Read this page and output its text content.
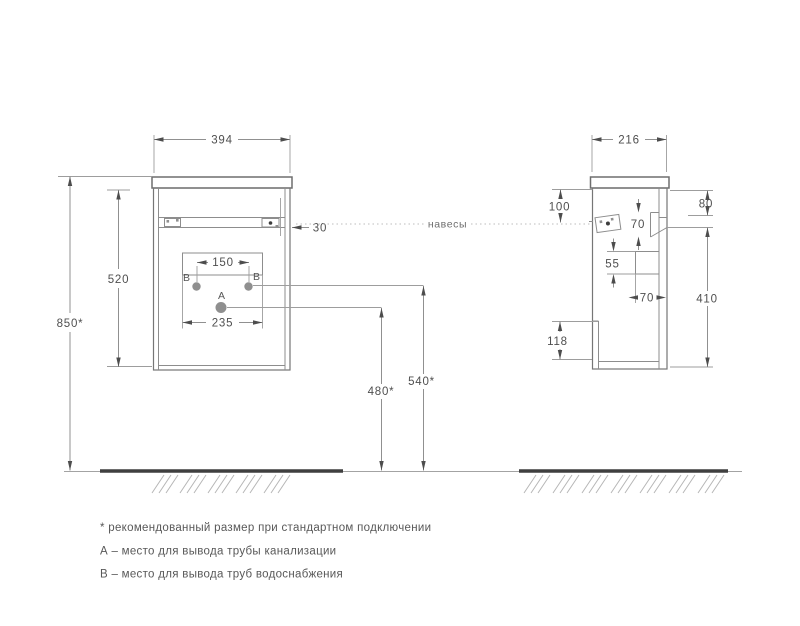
B	B
A
394
850*
520
30	навесы
150
235
540*
480*
216
100	80
410
70
55
70
118
* рекомендованный размер при стандартном подключении
А – место для вывода трубы канализации
В – место для вывода труб водоснабжения
